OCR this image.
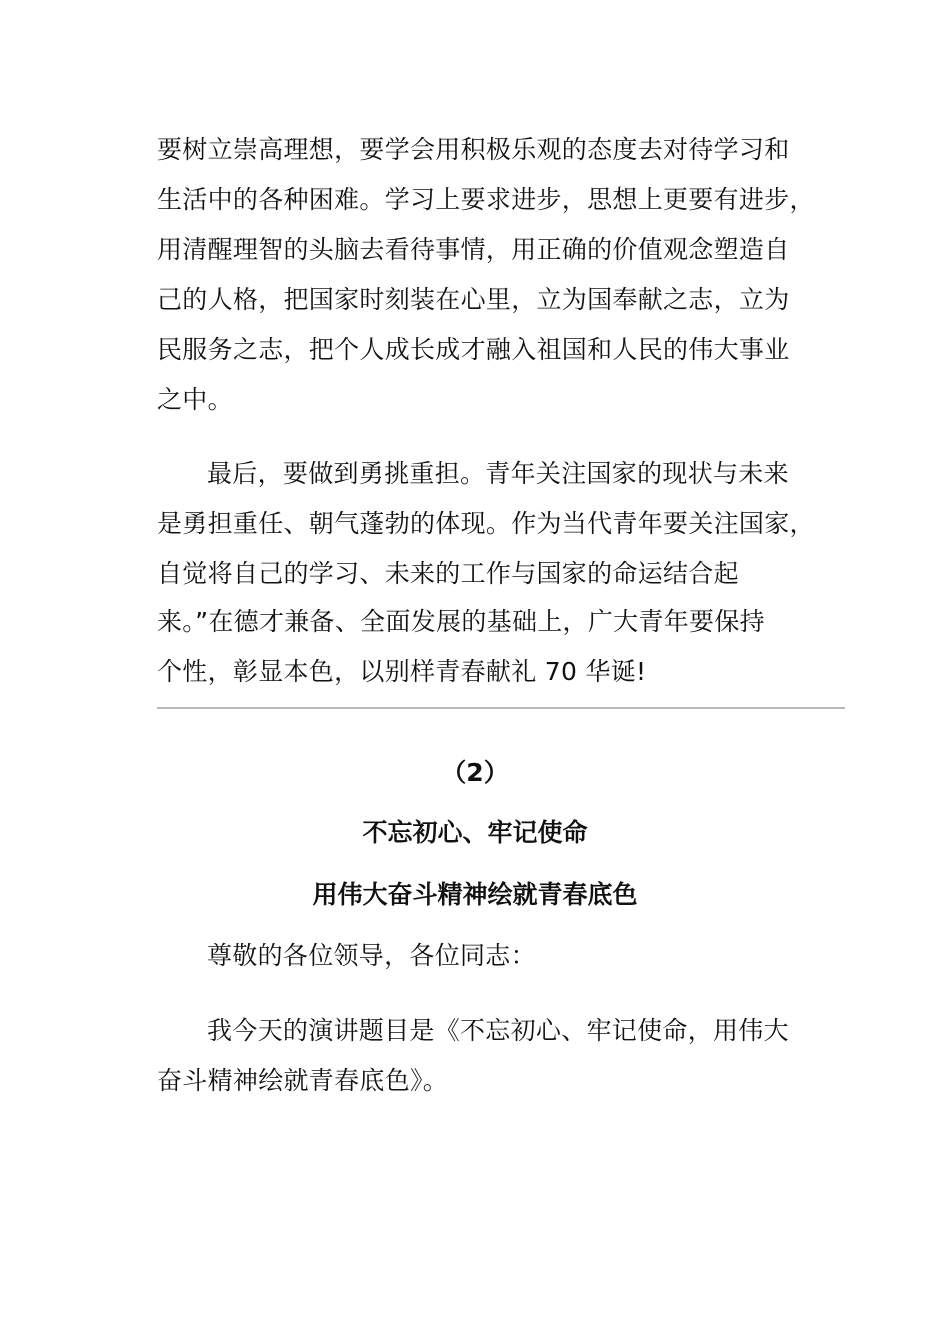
要树立崇高理想，要学会用积极乐观的态度去对待学习和
生活中的各种困难。学习上要求进步，思想上更要有进步，
用清醒理智的头脑去看待事情，用正确的价值观念塑造自
己的人格，把国家时刻装在心里，立为国奉献之志，立为
民服务之志，把个人成长成才融入祖国和人民的伟大事业
之中。
最后，要做到勇挑重担。青年关注国家的现状与未来
是勇担重任、朝气蓬勃的体现。作为当代青年要关注国家，
自觉将自己的学习、未来的工作与国家的命运结合起
来。”在德才兼备、全面发展的基础上，广大青年要保持
个性，彰显本色，以别样青春献礼 70 华诞!
（2）
不忘初心、牢记使命
用伟大奋斗精神绘就青春底色
尊敬的各位领导，各位同志：
我今天的演讲题目是《不忘初心、牢记使命，用伟大
奋斗精神绘就青春底色》。
